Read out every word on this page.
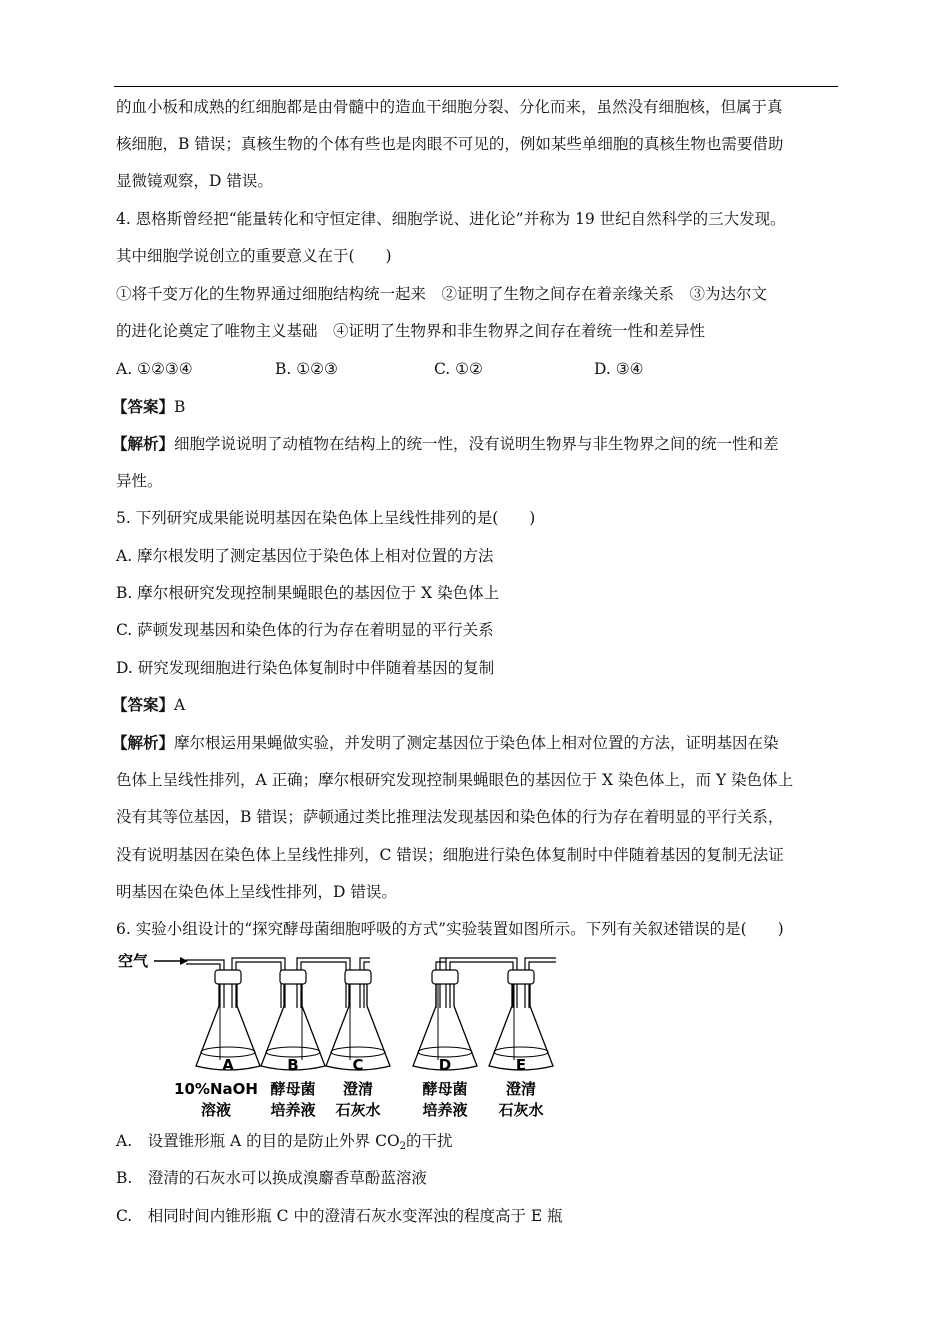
的血小板和成熟的红细胞都是由骨髓中的造血干细胞分裂、分化而来，虽然没有细胞核，但属于真
核细胞，B 错误；真核生物的个体有些也是肉眼不可见的，例如某些单细胞的真核生物也需要借助
显微镜观察，D 错误。
4. 恩格斯曾经把“能量转化和守恒定律、细胞学说、进化论”并称为 19 世纪自然科学的三大发现。
其中细胞学说创立的重要意义在于(　　)
①将千变万化的生物界通过细胞结构统一起来　②证明了生物之间存在着亲缘关系　③为达尔文
的进化论奠定了唯物主义基础　④证明了生物界和非生物界之间存在着统一性和差异性
A. ①②③④	B. ①②③	C. ①②	D. ③④
【答案】B
【解析】细胞学说说明了动植物在结构上的统一性，没有说明生物界与非生物界之间的统一性和差
异性。
5. 下列研究成果能说明基因在染色体上呈线性排列的是(　　)
A. 摩尔根发明了测定基因位于染色体上相对位置的方法
B. 摩尔根研究发现控制果蝇眼色的基因位于 X 染色体上
C. 萨顿发现基因和染色体的行为存在着明显的平行关系
D. 研究发现细胞进行染色体复制时中伴随着基因的复制
【答案】A
【解析】摩尔根运用果蝇做实验，并发明了测定基因位于染色体上相对位置的方法，证明基因在染
色体上呈线性排列，A 正确；摩尔根研究发现控制果蝇眼色的基因位于 X 染色体上，而 Y 染色体上
没有其等位基因，B 错误；萨顿通过类比推理法发现基因和染色体的行为存在着明显的平行关系，
没有说明基因在染色体上呈线性排列，C 错误；细胞进行染色体复制时中伴随着基因的复制无法证
明基因在染色体上呈线性排列，D 错误。
6. 实验小组设计的“探究酵母菌细胞呼吸的方式”实验装置如图所示。下列有关叙述错误的是(　　)
空气
A	B	C	D	E
10%NaOH
溶液
酵母菌
培养液
澄清
石灰水
酵母菌
培养液
澄清
石灰水
A.　设置锥形瓶 A 的目的是防止外界 $CO_2$的干扰
B.　澄清的石灰水可以换成溴麝香草酚蓝溶液
C.　相同时间内锥形瓶 C 中的澄清石灰水变浑浊的程度高于 E 瓶
